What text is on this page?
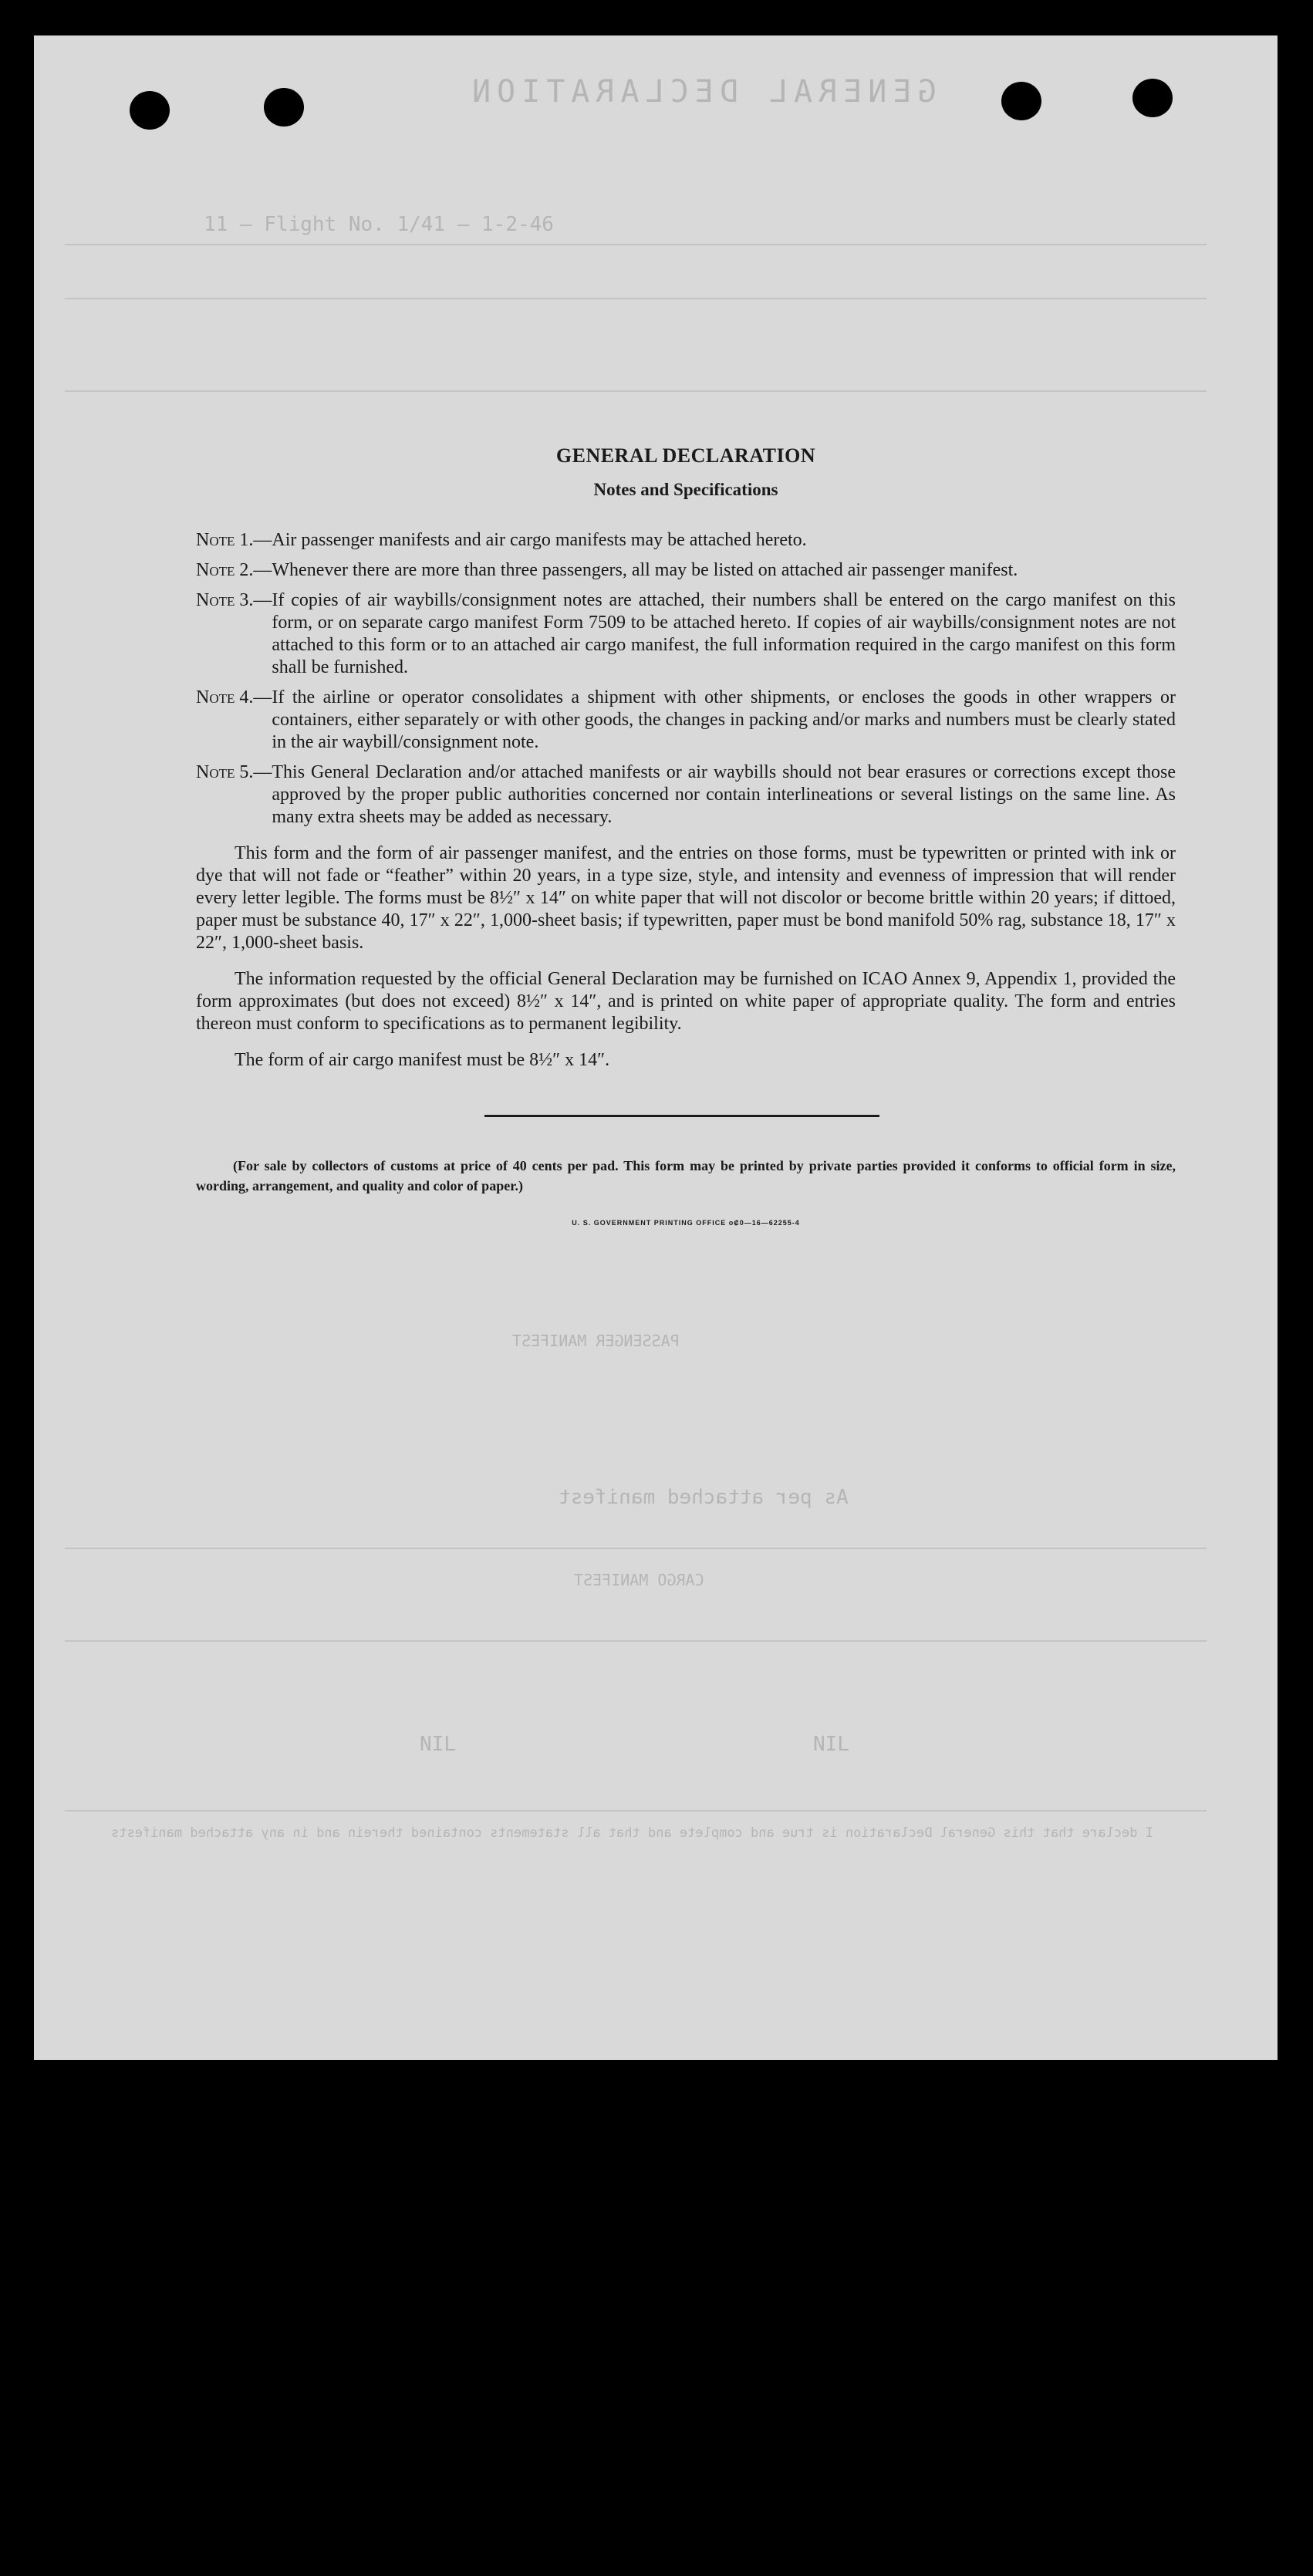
GENERAL DECLARATION
11 — Flight No. 1/41 — 1-2-46
PASSENGER MANIFEST
As per attached manifest
CARGO MANIFEST
NIL	NIL
I declare that this General Declaration is true and complete and that all statements contained therein and in any attached manifests
GENERAL DECLARATION
Notes and Specifications
Note 1.— Air passenger manifests and air cargo manifests may be attached hereto.
Note 2.— Whenever there are more than three passengers, all may be listed on attached air passenger manifest.
Note 3.— If copies of air waybills/consignment notes are attached, their numbers shall be entered on the cargo manifest on this form, or on separate cargo manifest Form 7509 to be attached hereto. If copies of air waybills/consignment notes are not attached to this form or to an attached air cargo manifest, the full information required in the cargo manifest on this form shall be furnished.
Note 4.— If the airline or operator consolidates a shipment with other shipments, or encloses the goods in other wrappers or containers, either separately or with other goods, the changes in packing and/or marks and numbers must be clearly stated in the air waybill/consignment note.
Note 5.— This General Declaration and/or attached manifests or air waybills should not bear erasures or corrections except those approved by the proper public authorities concerned nor contain interlineations or several listings on the same line. As many extra sheets may be added as necessary.

This form and the form of air passenger manifest, and the entries on those forms, must be typewritten or printed with ink or dye that will not fade or “feather” within 20 years, in a type size, style, and intensity and evenness of impression that will render every letter legible. The forms must be 8½″ x 14″ on white paper that will not discolor or become brittle within 20 years; if dittoed, paper must be substance 40, 17″ x 22″, 1,000-sheet basis; if typewritten, paper must be bond manifold 50% rag, substance 18, 17″ x 22″, 1,000-sheet basis.

The information requested by the official General Declaration may be furnished on ICAO Annex 9, Appendix 1, provided the form approximates (but does not exceed) 8½″ x 14″, and is printed on white paper of appropriate quality. The form and entries thereon must conform to specifications as to permanent legibility.

The form of air cargo manifest must be 8½″ x 14″.

(For sale by collectors of customs at price of 40 cents per pad. This form may be printed by private parties provided it conforms to official form in size, wording, arrangement, and quality and color of paper.)

U. S. GOVERNMENT PRINTING OFFICE o₡0—16—62255-4
